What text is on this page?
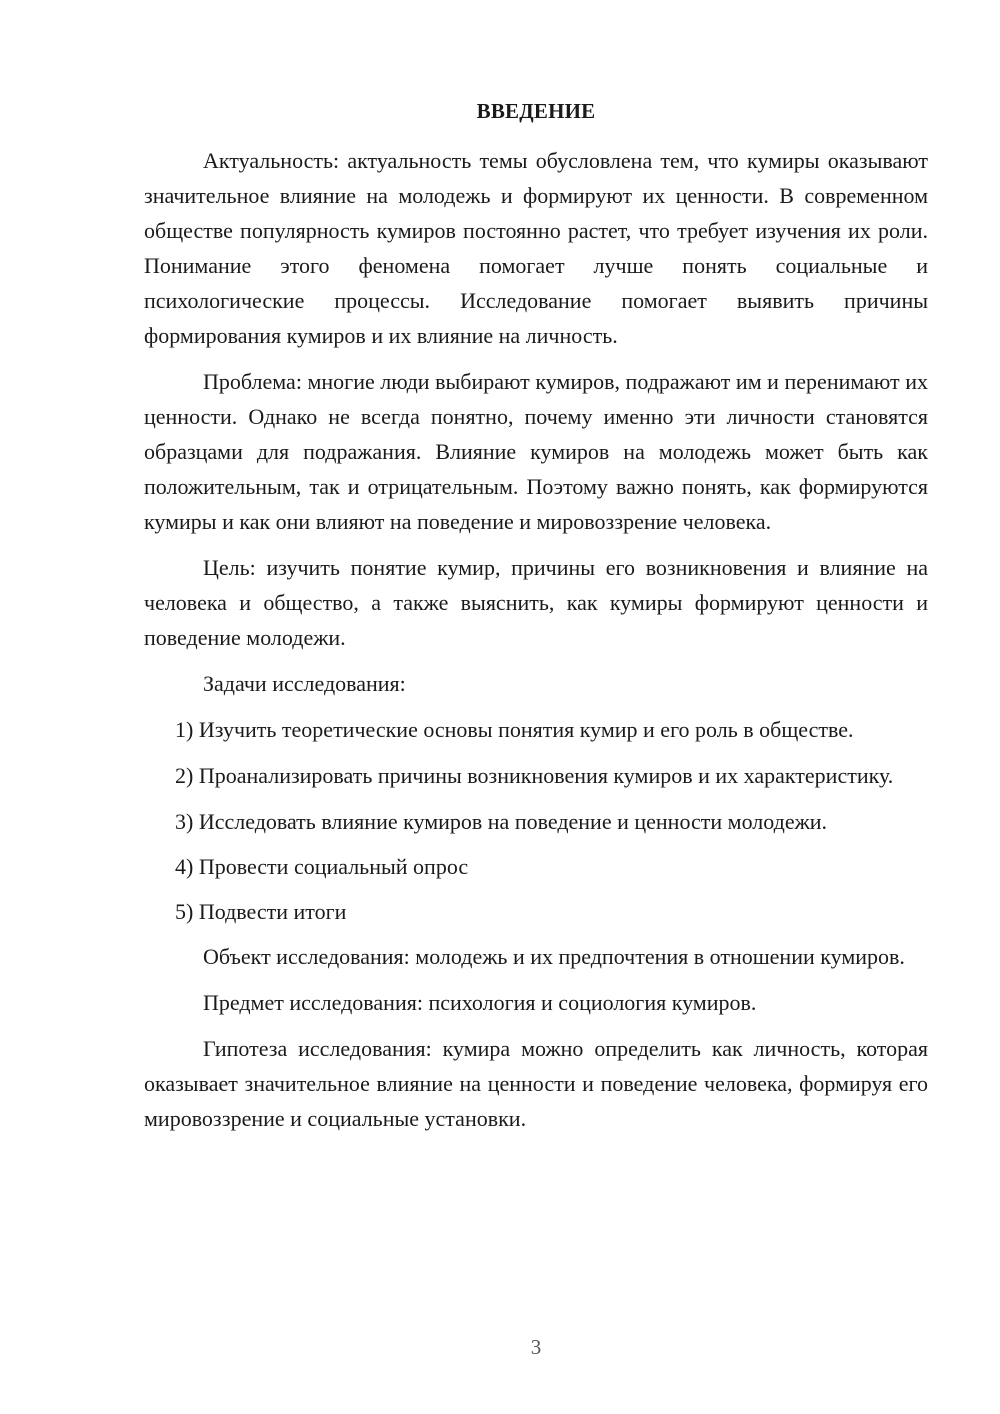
ВВЕДЕНИЕ

Актуальность: актуальность темы обусловлена тем, что кумиры оказывают значительное влияние на молодежь и формируют их ценности. В современном обществе популярность кумиров постоянно растет, что требует изучения их роли. Понимание этого феномена помогает лучше понять социальные и психологические процессы. Исследование помогает выявить причины формирования кумиров и их влияние на личность.

Проблема: многие люди выбирают кумиров, подражают им и перенимают их ценности. Однако не всегда понятно, почему именно эти личности становятся образцами для подражания. Влияние кумиров на молодежь может быть как положительным, так и отрицательным. Поэтому важно понять, как формируются кумиры и как они влияют на поведение и мировоззрение человека.

Цель: изучить понятие кумир, причины его возникновения и влияние на человека и общество, а также выяснить, как кумиры формируют ценности и поведение молодежи.

Задачи исследования:

1) Изучить теоретические основы понятия кумир и его роль в обществе.

2) Проанализировать причины возникновения кумиров и их характеристику.

3) Исследовать влияние кумиров на поведение и ценности молодежи.

4) Провести социальный опрос

5) Подвести итоги

Объект исследования: молодежь и их предпочтения в отношении кумиров.

Предмет исследования: психология и социология кумиров.

Гипотеза исследования: кумира можно определить как личность, которая оказывает значительное влияние на ценности и поведение человека, формируя его мировоззрение и социальные установки.

3
